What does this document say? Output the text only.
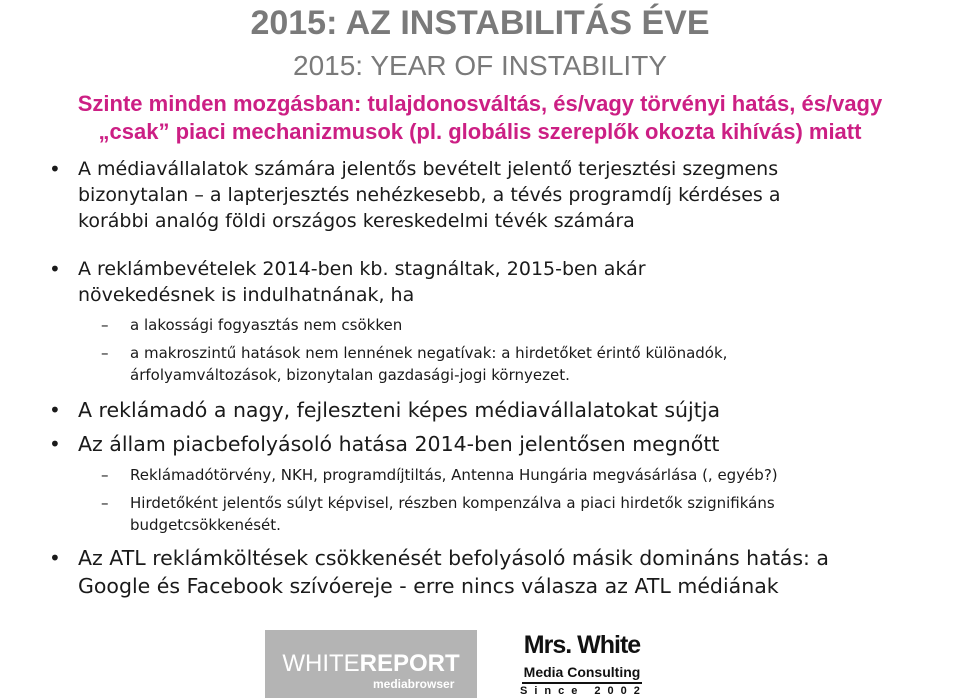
2015: AZ INSTABILITÁS ÉVE
2015: YEAR OF INSTABILITY
Szinte minden mozgásban: tulajdonosváltás, és/vagy törvényi hatás, és/vagy
„csak” piaci mechanizmusok (pl. globális szereplők okozta kihívás) miatt
• A médiavállalatok számára jelentős bevételt jelentő terjesztési szegmens
bizonytalan – a lapterjesztés nehézkesebb, a tévés programdíj kérdéses a
korábbi analóg földi országos kereskedelmi tévék számára
• A reklámbevételek 2014-ben kb. stagnáltak, 2015-ben akár
növekedésnek is indulhatnának, ha
– a lakossági fogyasztás nem csökken
– a makroszintű hatások nem lennének negatívak: a hirdetőket érintő különadók,
árfolyamváltozások, bizonytalan gazdasági-jogi környezet.
• A reklámadó a nagy, fejleszteni képes médiavállalatokat sújtja
• Az állam piacbefolyásoló hatása 2014-ben jelentősen megnőtt
– Reklámadótörvény, NKH, programdíjtiltás, Antenna Hungária megvásárlása (, egyéb?)
– Hirdetőként jelentős súlyt képvisel, részben kompenzálva a piaci hirdetők szignifikáns
budgetcsökkenését.
• Az ATL reklámköltések csökkenését befolyásoló másik domináns hatás: a
Google és Facebook szívóereje - erre nincs válasza az ATL médiának
WHITEREPORT
mediabrowser
Mrs. White
Media Consulting
Since 2002
